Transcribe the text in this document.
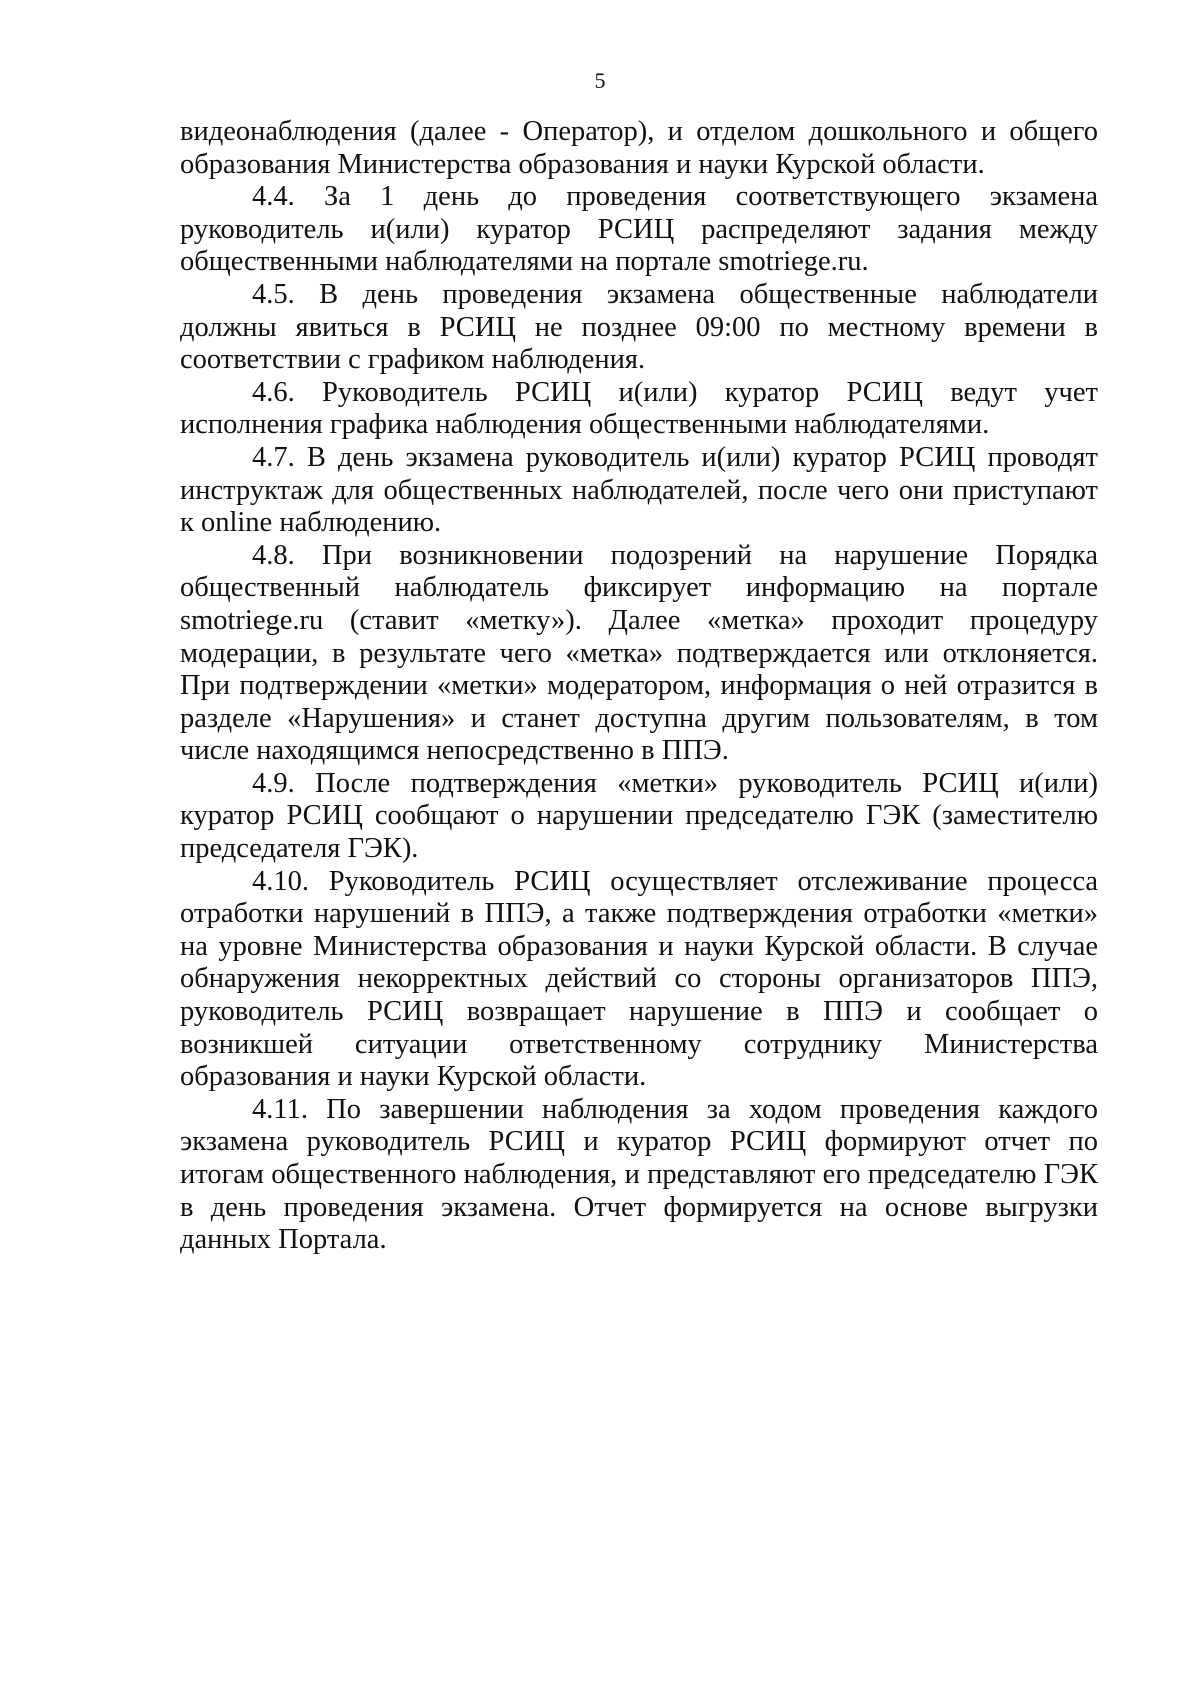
5

видеонаблюдения (далее - Оператор), и отделом дошкольного и общего образования Министерства образования и науки Курской области.

4.4. За 1 день до проведения соответствующего экзамена руководитель и(или) куратор РСИЦ распределяют задания между общественными наблюдателями на портале smotriege.ru.

4.5. В день проведения экзамена общественные наблюдатели должны явиться в РСИЦ не позднее 09:00 по местному времени в соответствии с графиком наблюдения.

4.6. Руководитель РСИЦ и(или) куратор РСИЦ ведут учет исполнения графика наблюдения общественными наблюдателями.

4.7. В день экзамена руководитель и(или) куратор РСИЦ проводят инструктаж для общественных наблюдателей, после чего они приступают к online наблюдению.

4.8. При возникновении подозрений на нарушение Порядка общественный наблюдатель фиксирует информацию на портале smotriege.ru (ставит «метку»). Далее «метка» проходит процедуру модерации, в результате чего «метка» подтверждается или отклоняется. При подтверждении «метки» модератором, информация о ней отразится в разделе «Нарушения» и станет доступна другим пользователям, в том числе находящимся непосредственно в ППЭ.

4.9. После подтверждения «метки» руководитель РСИЦ и(или) куратор РСИЦ сообщают о нарушении председателю ГЭК (заместителю председателя ГЭК).

4.10. Руководитель РСИЦ осуществляет отслеживание процесса отработки нарушений в ППЭ, а также подтверждения отработки «метки» на уровне Министерства образования и науки Курской области. В случае обнаружения некорректных действий со стороны организаторов ППЭ, руководитель РСИЦ возвращает нарушение в ППЭ и сообщает о возникшей ситуации ответственному сотруднику Министерства образования и науки Курской области.

4.11. По завершении наблюдения за ходом проведения каждого экзамена руководитель РСИЦ и куратор РСИЦ формируют отчет по итогам общественного наблюдения, и представляют его председателю ГЭК в день проведения экзамена. Отчет формируется на основе выгрузки данных Портала.
